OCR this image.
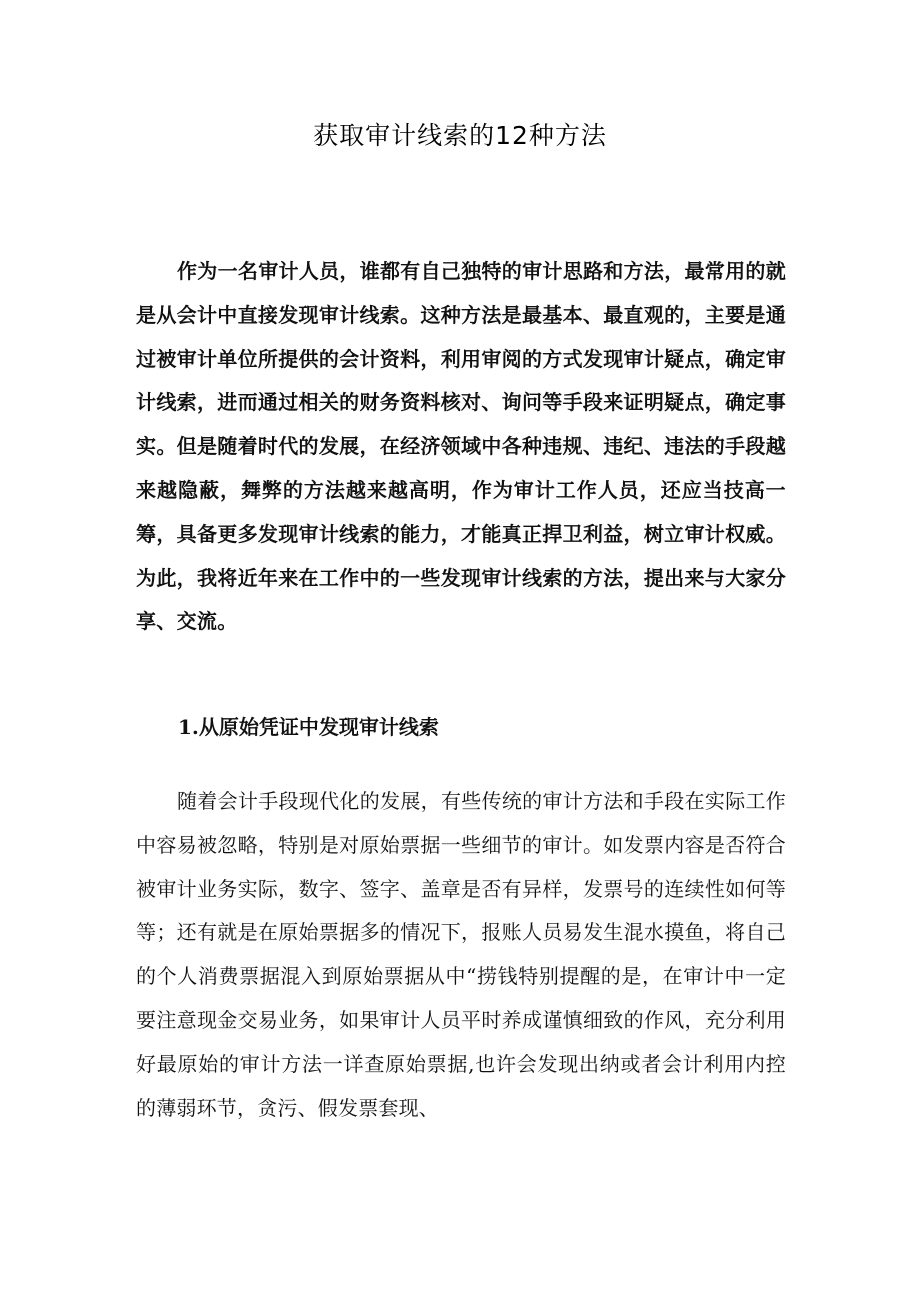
获取审计线索的12种方法

作为一名审计人员，谁都有自己独特的审计思路和方法，最常用的就是从会计中直接发现审计线索。这种方法是最基本、最直观的，主要是通过被审计单位所提供的会计资料，利用审阅的方式发现审计疑点，确定审计线索，进而通过相关的财务资料核对、询问等手段来证明疑点，确定事实。但是随着时代的发展，在经济领域中各种违规、违纪、违法的手段越来越隐蔽，舞弊的方法越来越高明，作为审计工作人员，还应当技高一筹，具备更多发现审计线索的能力，才能真正捍卫利益，树立审计权威。为此，我将近年来在工作中的一些发现审计线索的方法，提出来与大家分享、交流。

1.从原始凭证中发现审计线索

随着会计手段现代化的发展，有些传统的审计方法和手段在实际工作中容易被忽略，特别是对原始票据一些细节的审计。如发票内容是否符合被审计业务实际，数字、签字、盖章是否有异样，发票号的连续性如何等等；还有就是在原始票据多的情况下，报账人员易发生混水摸鱼，将自己的个人消费票据混入到原始票据从中“捞钱特别提醒的是，在审计中一定要注意现金交易业务，如果审计人员平时养成谨慎细致的作风，充分利用好最原始的审计方法一详查原始票据,也许会发现出纳或者会计利用内控的薄弱环节，贪污、假发票套现、
